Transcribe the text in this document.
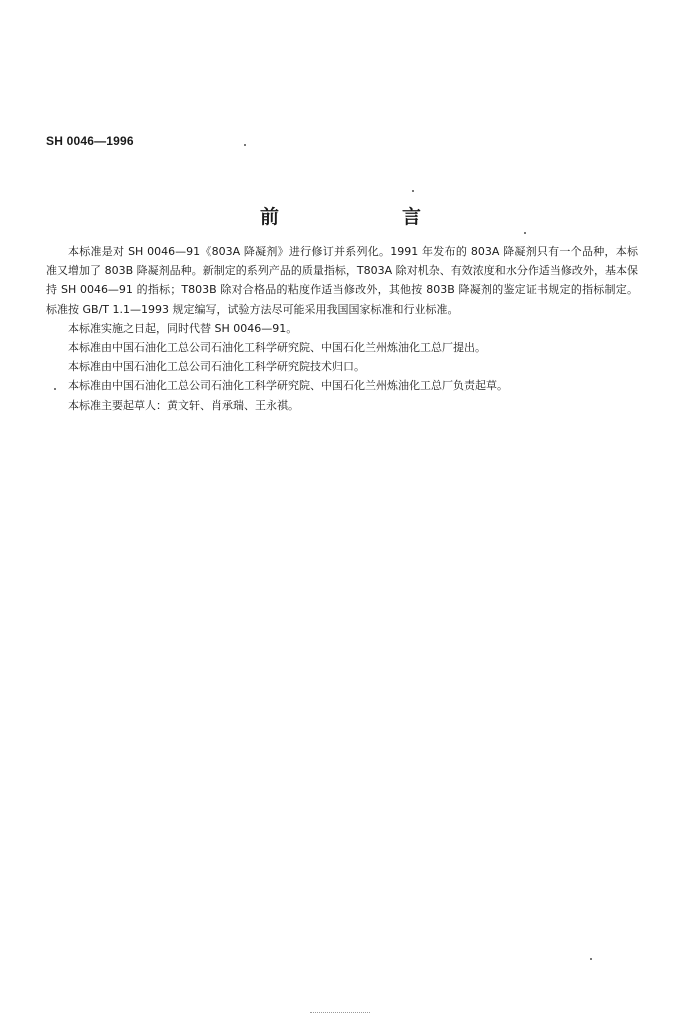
SH 0046—1996
前　言

本标准是对 SH 0046—91《803A 降凝剂》进行修订并系列化。1991 年发布的 803A 降凝剂只有一个品种，本标准又增加了 803B 降凝剂品种。新制定的系列产品的质量指标，T803A 除对机杂、有效浓度和水分作适当修改外，基本保持 SH 0046—91 的指标；T803B 除对合格品的粘度作适当修改外，其他按 803B 降凝剂的鉴定证书规定的指标制定。标准按 GB/T 1.1—1993 规定编写，试验方法尽可能采用我国国家标准和行业标准。

本标准实施之日起，同时代替 SH 0046—91。

本标准由中国石油化工总公司石油化工科学研究院、中国石化兰州炼油化工总厂提出。

本标准由中国石油化工总公司石油化工科学研究院技术归口。

本标准由中国石油化工总公司石油化工科学研究院、中国石化兰州炼油化工总厂负责起草。

本标准主要起草人：黄文轩、肖承瑞、王永祺。
